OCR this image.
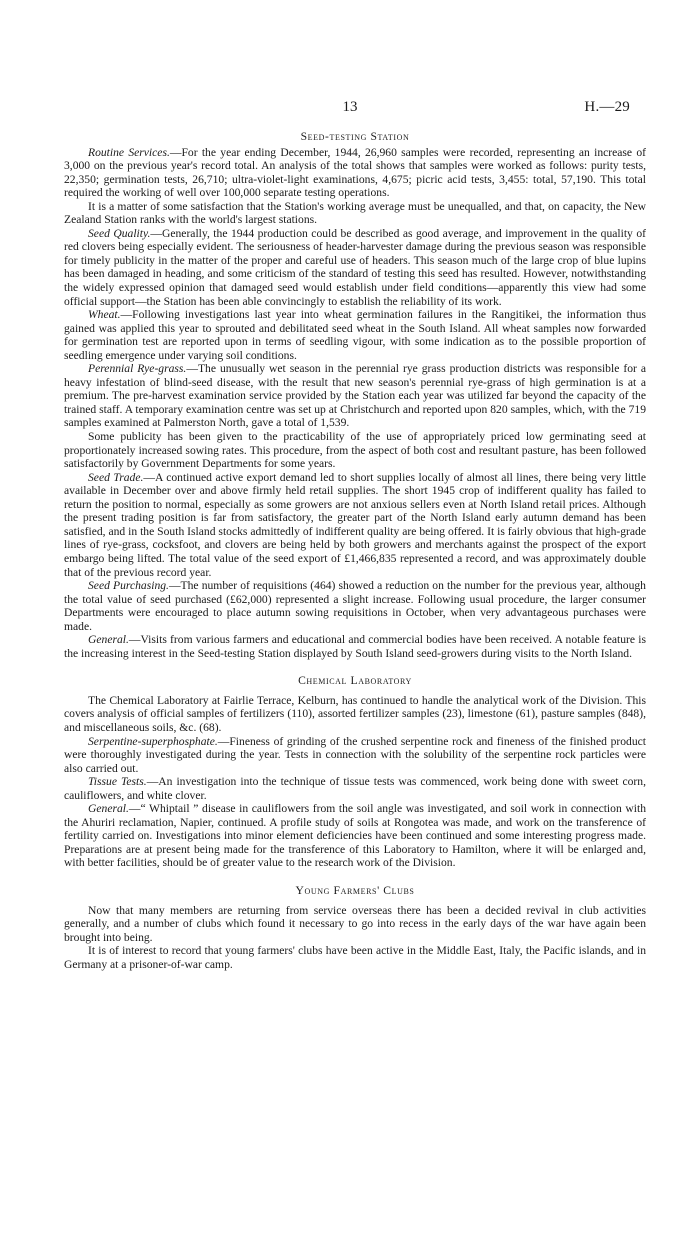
13	H.—29
Seed-testing Station

Routine Services.—For the year ending December, 1944, 26,960 samples were recorded, representing an increase of 3,000 on the previous year's record total. An analysis of the total shows that samples were worked as follows: purity tests, 22,350; germination tests, 26,710; ultra-violet-light examinations, 4,675; picric acid tests, 3,455: total, 57,190. This total required the working of well over 100,000 separate testing operations.

It is a matter of some satisfaction that the Station's working average must be unequalled, and that, on capacity, the New Zealand Station ranks with the world's largest stations.

Seed Quality.—Generally, the 1944 production could be described as good average, and improvement in the quality of red clovers being especially evident. The seriousness of header-harvester damage during the previous season was responsible for timely publicity in the matter of the proper and careful use of headers. This season much of the large crop of blue lupins has been damaged in heading, and some criticism of the standard of testing this seed has resulted. However, notwithstanding the widely expressed opinion that damaged seed would establish under field conditions—apparently this view had some official support—the Station has been able convincingly to establish the reliability of its work.

Wheat.—Following investigations last year into wheat germination failures in the Rangitikei, the information thus gained was applied this year to sprouted and debilitated seed wheat in the South Island. All wheat samples now forwarded for germination test are reported upon in terms of seedling vigour, with some indication as to the possible proportion of seedling emergence under varying soil conditions.

Perennial Rye-grass.—The unusually wet season in the perennial rye grass production districts was responsible for a heavy infestation of blind-seed disease, with the result that new season's perennial rye-grass of high germination is at a premium. The pre-harvest examination service provided by the Station each year was utilized far beyond the capacity of the trained staff. A temporary examination centre was set up at Christchurch and reported upon 820 samples, which, with the 719 samples examined at Palmerston North, gave a total of 1,539.

Some publicity has been given to the practicability of the use of appropriately priced low germinating seed at proportionately increased sowing rates. This procedure, from the aspect of both cost and resultant pasture, has been followed satisfactorily by Government Departments for some years.

Seed Trade.—A continued active export demand led to short supplies locally of almost all lines, there being very little available in December over and above firmly held retail supplies. The short 1945 crop of indifferent quality has failed to return the position to normal, especially as some growers are not anxious sellers even at North Island retail prices. Although the present trading position is far from satisfactory, the greater part of the North Island early autumn demand has been satisfied, and in the South Island stocks admittedly of indifferent quality are being offered. It is fairly obvious that high-grade lines of rye-grass, cocksfoot, and clovers are being held by both growers and merchants against the prospect of the export embargo being lifted. The total value of the seed export of £1,466,835 represented a record, and was approximately double that of the previous record year.

Seed Purchasing.—The number of requisitions (464) showed a reduction on the number for the previous year, although the total value of seed purchased (£62,000) represented a slight increase. Following usual procedure, the larger consumer Departments were encouraged to place autumn sowing requisitions in October, when very advantageous purchases were made.

General.—Visits from various farmers and educational and commercial bodies have been received. A notable feature is the increasing interest in the Seed-testing Station displayed by South Island seed-growers during visits to the North Island.

Chemical Laboratory

The Chemical Laboratory at Fairlie Terrace, Kelburn, has continued to handle the analytical work of the Division. This covers analysis of official samples of fertilizers (110), assorted fertilizer samples (23), limestone (61), pasture samples (848), and miscellaneous soils, &c. (68).

Serpentine-superphosphate.—Fineness of grinding of the crushed serpentine rock and fineness of the finished product were thoroughly investigated during the year. Tests in connection with the solubility of the serpentine rock particles were also carried out.

Tissue Tests.—An investigation into the technique of tissue tests was commenced, work being done with sweet corn, cauliflowers, and white clover.

General.—“ Whiptail ” disease in cauliflowers from the soil angle was investigated, and soil work in connection with the Ahuriri reclamation, Napier, continued. A profile study of soils at Rongotea was made, and work on the transference of fertility carried on. Investigations into minor element deficiencies have been continued and some interesting progress made. Preparations are at present being made for the transference of this Laboratory to Hamilton, where it will be enlarged and, with better facilities, should be of greater value to the research work of the Division.

Young Farmers' Clubs

Now that many members are returning from service overseas there has been a decided revival in club activities generally, and a number of clubs which found it necessary to go into recess in the early days of the war have again been brought into being.

It is of interest to record that young farmers' clubs have been active in the Middle East, Italy, the Pacific islands, and in Germany at a prisoner-of-war camp.
